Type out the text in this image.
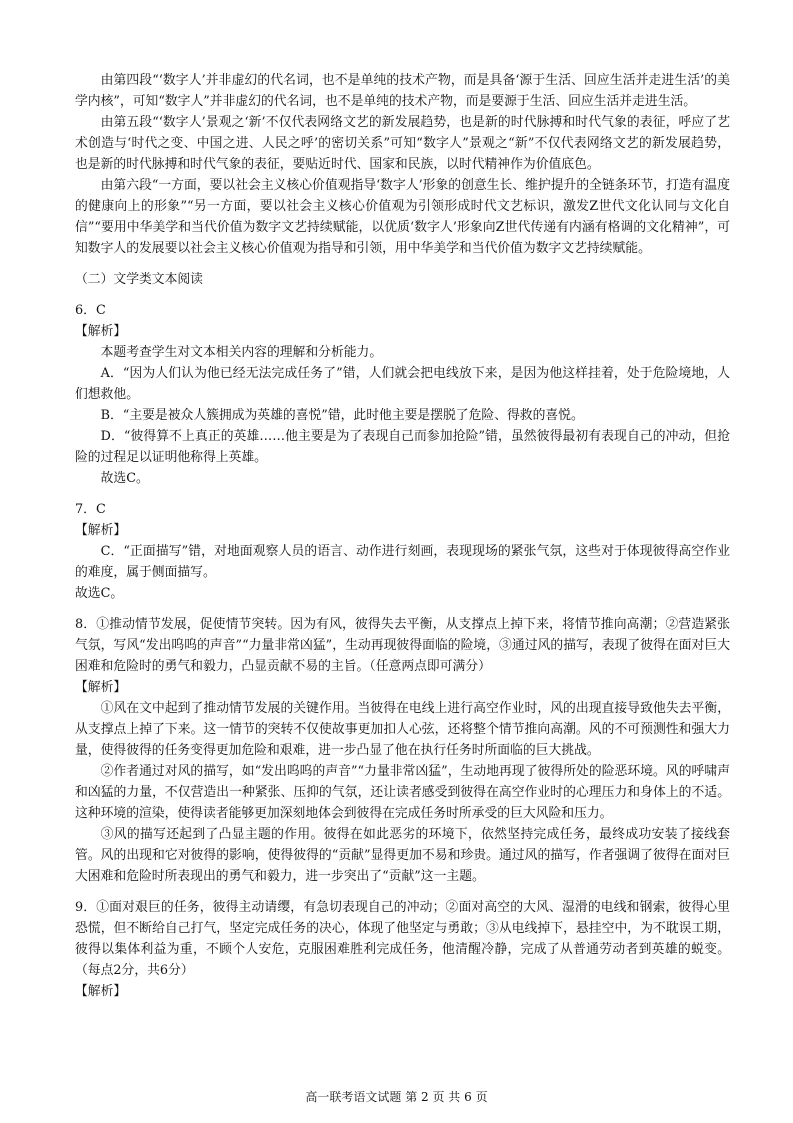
由第四段“‘数字人’并非虚幻的代名词，也不是单纯的技术产物，而是具备‘源于生活、回应生活并走进生活’的美学内核”，可知“数字人”并非虚幻的代名词，也不是单纯的技术产物，而是要源于生活、回应生活并走进生活。

由第五段“‘数字人’景观之‘新’不仅代表网络文艺的新发展趋势，也是新的时代脉搏和时代气象的表征，呼应了艺术创造与‘时代之变、中国之进、人民之呼’的密切关系”可知“数字人”景观之“新”不仅代表网络文艺的新发展趋势，也是新的时代脉搏和时代气象的表征，要贴近时代、国家和民族，以时代精神作为价值底色。

由第六段“一方面，要以社会主义核心价值观指导‘数字人’形象的创意生长、维护提升的全链条环节，打造有温度的健康向上的形象”“另一方面，要以社会主义核心价值观为引领形成时代文艺标识，激发Z世代文化认同与文化自信”“要用中华美学和当代价值为数字文艺持续赋能，以优质‘数字人’形象向Z世代传递有内涵有格调的文化精神”，可知数字人的发展要以社会主义核心价值观为指导和引领，用中华美学和当代价值为数字文艺持续赋能。

（二）文学类文本阅读

6．C

【解析】

本题考查学生对文本相关内容的理解和分析能力。

A．“因为人们认为他已经无法完成任务了”错，人们就会把电线放下来，是因为他这样挂着，处于危险境地，人们想救他。

B．“主要是被众人簇拥成为英雄的喜悦”错，此时他主要是摆脱了危险、得救的喜悦。

D．“彼得算不上真正的英雄……他主要是为了表现自己而参加抢险”错，虽然彼得最初有表现自己的冲动，但抢险的过程足以证明他称得上英雄。

故选C。

7．C

【解析】

C．“正面描写”错，对地面观察人员的语言、动作进行刻画，表现现场的紧张气氛，这些对于体现彼得高空作业的难度，属于侧面描写。

故选C。

8．①推动情节发展，促使情节突转。因为有风，彼得失去平衡，从支撑点上掉下来，将情节推向高潮；②营造紧张气氛，写风“发出呜呜的声音”“力量非常凶猛”，生动再现彼得面临的险境，③通过风的描写，表现了彼得在面对巨大困难和危险时的勇气和毅力，凸显贡献不易的主旨。（任意两点即可满分）

【解析】

①风在文中起到了推动情节发展的关键作用。当彼得在电线上进行高空作业时，风的出现直接导致他失去平衡，从支撑点上掉了下来。这一情节的突转不仅使故事更加扣人心弦，还将整个情节推向高潮。风的不可预测性和强大力量，使得彼得的任务变得更加危险和艰难，进一步凸显了他在执行任务时所面临的巨大挑战。

②作者通过对风的描写，如“发出呜呜的声音”“力量非常凶猛”，生动地再现了彼得所处的险恶环境。风的呼啸声和凶猛的力量，不仅营造出一种紧张、压抑的气氛，还让读者感受到彼得在高空作业时的心理压力和身体上的不适。这种环境的渲染，使得读者能够更加深刻地体会到彼得在完成任务时所承受的巨大风险和压力。

③风的描写还起到了凸显主题的作用。彼得在如此恶劣的环境下，依然坚持完成任务，最终成功安装了接线套管。风的出现和它对彼得的影响，使得彼得的“贡献”显得更加不易和珍贵。通过风的描写，作者强调了彼得在面对巨大困难和危险时所表现出的勇气和毅力，进一步突出了“贡献”这一主题。

9．①面对艰巨的任务，彼得主动请缨，有急切表现自己的冲动；②面对高空的大风、湿滑的电线和钢索，彼得心里恐慌，但不断给自己打气，坚定完成任务的决心，体现了他坚定与勇敢；③从电线掉下，悬挂空中，为不耽误工期，彼得以集体利益为重，不顾个人安危，克服困难胜利完成任务，他清醒冷静，完成了从普通劳动者到英雄的蜕变。（每点2分，共6分）

【解析】

高一联考语文试题 第 2 页 共 6 页
